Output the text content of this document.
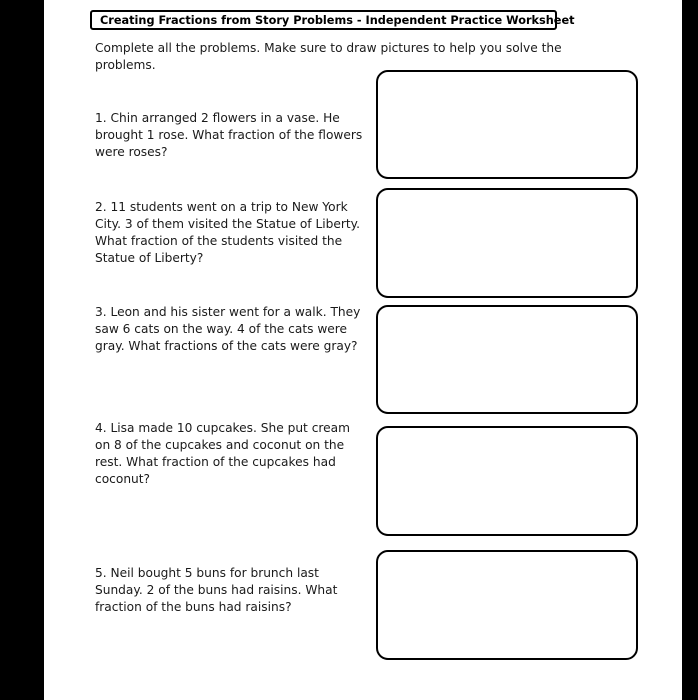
Creating Fractions from Story Problems - Independent Practice Worksheet
Complete all the problems. Make sure to draw pictures to help you solve the problems.
1. Chin arranged 2 flowers in a vase. He brought 1 rose. What fraction of the flowers were roses?
2. 11 students went on a trip to New York City. 3 of them visited the Statue of Liberty. What fraction of the students visited the Statue of Liberty?
3. Leon and his sister went for a walk. They saw 6 cats on the way. 4 of the cats were gray. What fractions of the cats were gray?
4. Lisa made 10 cupcakes. She put cream on 8 of the cupcakes and coconut on the rest. What fraction of the cupcakes had coconut?
5. Neil bought 5 buns for brunch last Sunday. 2 of the buns had raisins. What fraction of the buns had raisins?
